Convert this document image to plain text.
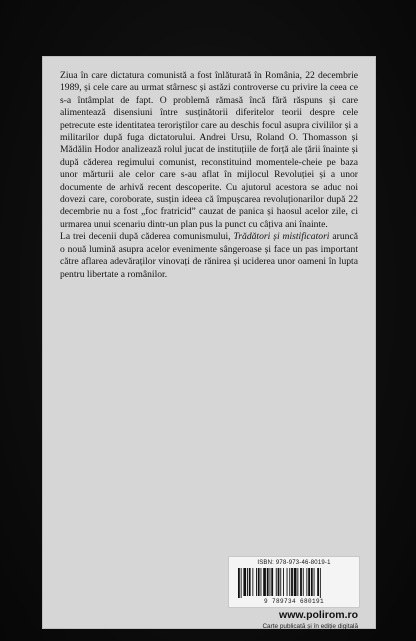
Ziua în care dictatura comunistă a fost înlăturată în România, 22 decembrie 1989, și cele care au urmat stârnesc și astăzi controverse cu privire la ceea ce s-a întâmplat de fapt. O problemă rămasă încă fără răspuns și care alimentează disensiuni între susținătorii diferitelor teorii despre cele petrecute este identitatea teroriștilor care au deschis focul asupra civililor și a militarilor după fuga dictatorului. Andrei Ursu, Roland O. Thomasson și Mădălin Hodor analizează rolul jucat de instituțiile de forță ale țării înainte și după căderea regimului comunist, reconstituind momentele-cheie pe baza unor mărturii ale celor care s-au aflat în mijlocul Revoluției și a unor documente de arhivă recent descoperite. Cu ajutorul acestora se aduc noi dovezi care, coroborate, susțin ideea că împușcarea revoluționarilor după 22 decembrie nu a fost „foc fratricid” cauzat de panica și haosul acelor zile, ci urmarea unui scenariu dintr-un plan pus la punct cu câțiva ani înainte.

La trei decenii după căderea comunismului, Trădători și mistificatori aruncă o nouă lumină asupra acelor evenimente sângeroase și face un pas important către aflarea adevăraților vinovați de rănirea și uciderea unor oameni în lupta pentru libertate a românilor.

ISBN: 978-973-46-8019-1
9 789734 680191
www.polirom.ro
Carte publicată și în ediție digitală
